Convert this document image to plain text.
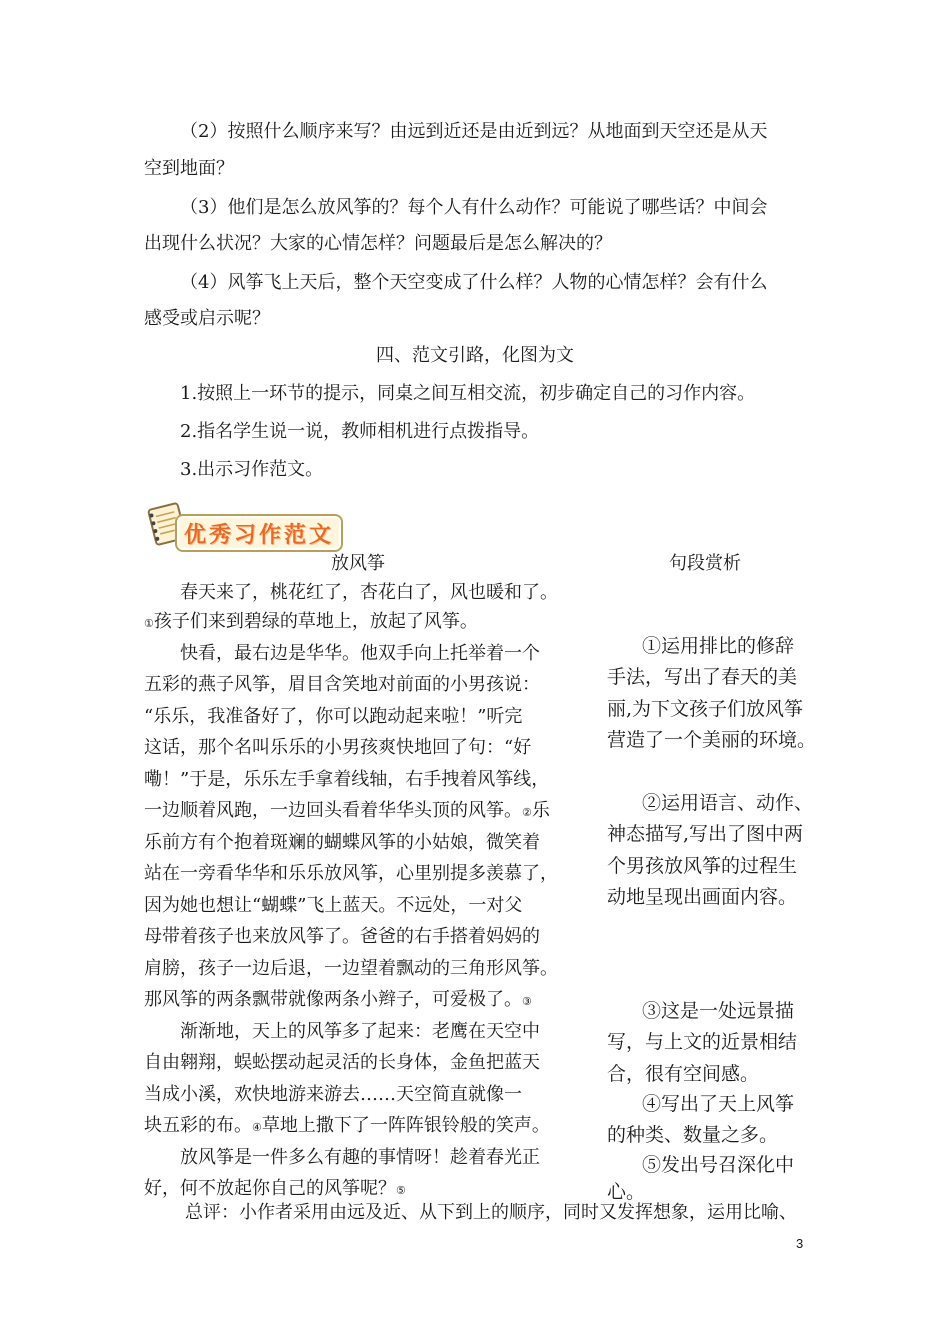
（2）按照什么顺序来写？由远到近还是由近到远？从地面到天空还是从天
空到地面？
（3）他们是怎么放风筝的？每个人有什么动作？可能说了哪些话？中间会
出现什么状况？大家的心情怎样？问题最后是怎么解决的？
（4）风筝飞上天后，整个天空变成了什么样？人物的心情怎样？会有什么
感受或启示呢？
四、范文引路，化图为文
1.按照上一环节的提示，同桌之间互相交流，初步确定自己的习作内容。
2.指名学生说一说，教师相机进行点拨指导。
3.出示习作范文。
优秀习作范文
放风筝	句段赏析
春天来了，桃花红了，杏花白了，风也暖和了。
①孩子们来到碧绿的草地上，放起了风筝。
快看，最右边是华华。他双手向上托举着一个
五彩的燕子风筝，眉目含笑地对前面的小男孩说：
“乐乐，我准备好了，你可以跑动起来啦！”听完
这话，那个名叫乐乐的小男孩爽快地回了句：“好
嘞！”于是，乐乐左手拿着线轴，右手拽着风筝线，
一边顺着风跑，一边回头看着华华头顶的风筝。②乐
乐前方有个抱着斑斓的蝴蝶风筝的小姑娘，微笑着
站在一旁看华华和乐乐放风筝，心里别提多羡慕了，
因为她也想让“蝴蝶”飞上蓝天。不远处，一对父
母带着孩子也来放风筝了。爸爸的右手搭着妈妈的
肩膀，孩子一边后退，一边望着飘动的三角形风筝。
那风筝的两条飘带就像两条小辫子，可爱极了。③
渐渐地，天上的风筝多了起来：老鹰在天空中
自由翱翔，蜈蚣摆动起灵活的长身体，金鱼把蓝天
当成小溪，欢快地游来游去……天空简直就像一
块五彩的布。④草地上撒下了一阵阵银铃般的笑声。
放风筝是一件多么有趣的事情呀！趁着春光正
好，何不放起你自己的风筝呢？⑤
①运用排比的修辞
手法，写出了春天的美
丽,为下文孩子们放风筝
营造了一个美丽的环境。
②运用语言、动作、
神态描写,写出了图中两
个男孩放风筝的过程生
动地呈现出画面内容。
③这是一处远景描
写，与上文的近景相结
合，很有空间感。
④写出了天上风筝
的种类、数量之多。
⑤发出号召深化中
心。
总评：小作者采用由远及近、从下到上的顺序，同时又发挥想象，运用比喻、
3
